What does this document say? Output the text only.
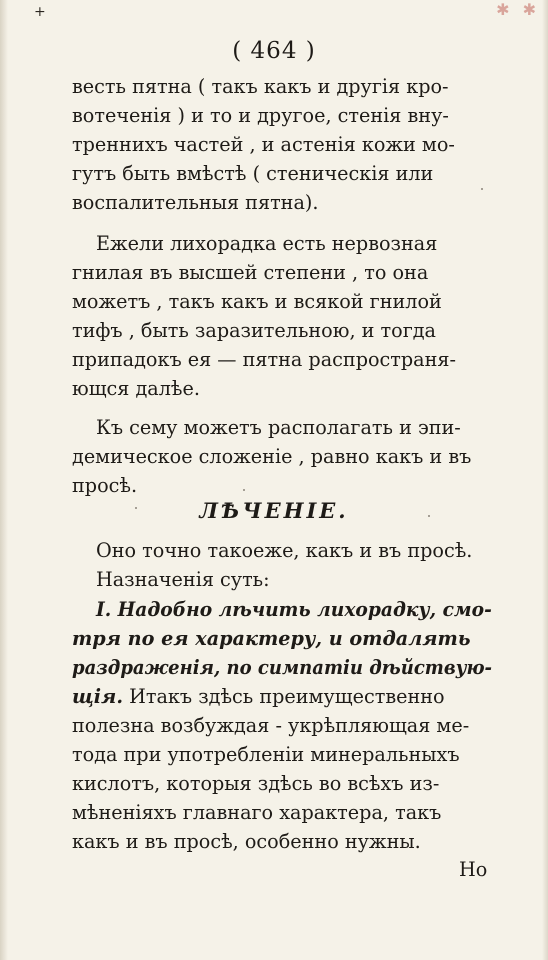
+	✱ ✱
( 464 )
весть пятна ( такъ какъ и другія кро-
вотеченія ) и то и другое, стенія вну-
треннихъ частей , и астенія кожи мо-
гутъ быть вмѣстѣ ( стеническія или
воспалительныя пятна).
Ежели лихорадка есть нервозная
гнилая въ высшей степени , то она
можетъ , такъ какъ и всякой гнилой
тифъ , быть заразительною, и тогда
припадокъ ея — пятна распространя-
ющся далѣе.
Къ сему можетъ располагать и эпи-
демическое сложеніе , равно какъ и въ
просѣ.
ЛѢЧЕНІЕ.
Оно точно такоеже, какъ и въ просѣ.
Назначенія суть:
I. Надобно лѣчить лихорадку, смо-
тря по ея характеру, и отдалять
раздраженія, по симпатіи дѣйствую-
щія. Итакъ здѣсь преимущественно
полезна возбуждая - укрѣпляющая ме-
тода при употребленіи минеральныхъ
кислотъ, которыя здѣсь во всѣхъ из-
мѣненіяхъ главнаго характера, такъ
какъ и въ просѣ, особенно нужны.
Но
